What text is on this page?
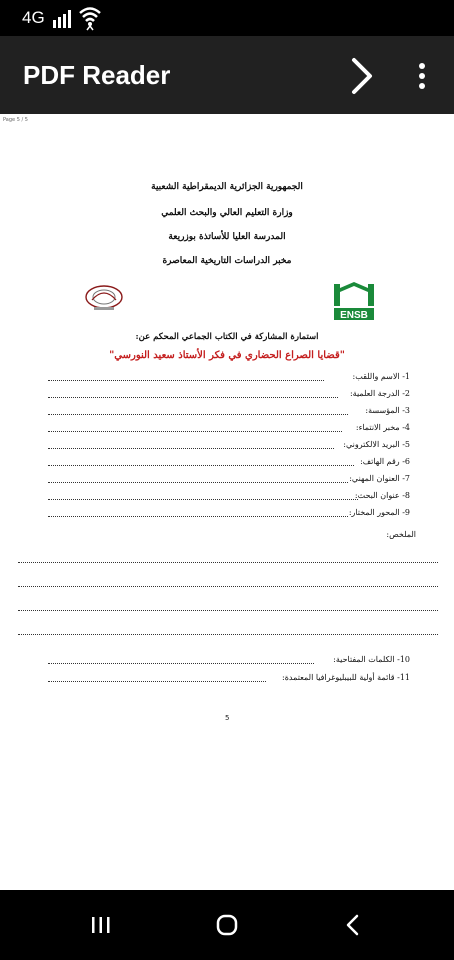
4G
PDF Reader
Page 5 / 5
الجمهورية الجزائرية الديمقراطية الشعبية
وزارة التعليم العالي والبحث العلمي
المدرسة العليا للأساتذة بوزريعة
مخبر الدراسات التاريخية المعاصرة
ENSB
استمارة المشاركة في الكتاب الجماعي المحكم عن:
"قضايا الصراع الحضاري في فكر الأستاذ سعيد النورسي"
1- الاسم واللقب:
2- الدرجة العلمية:
3- المؤسسة:
4- مخبر الانتماء:
5- البريد الالكتروني:
6- رقم الهاتف:
7- العنوان المهني:
8- عنوان البحث:
9- المحور المختار:
الملخص:
10- الكلمات المفتاحية:
11- قائمة أولية للبيبليوغرافيا المعتمدة:
5
